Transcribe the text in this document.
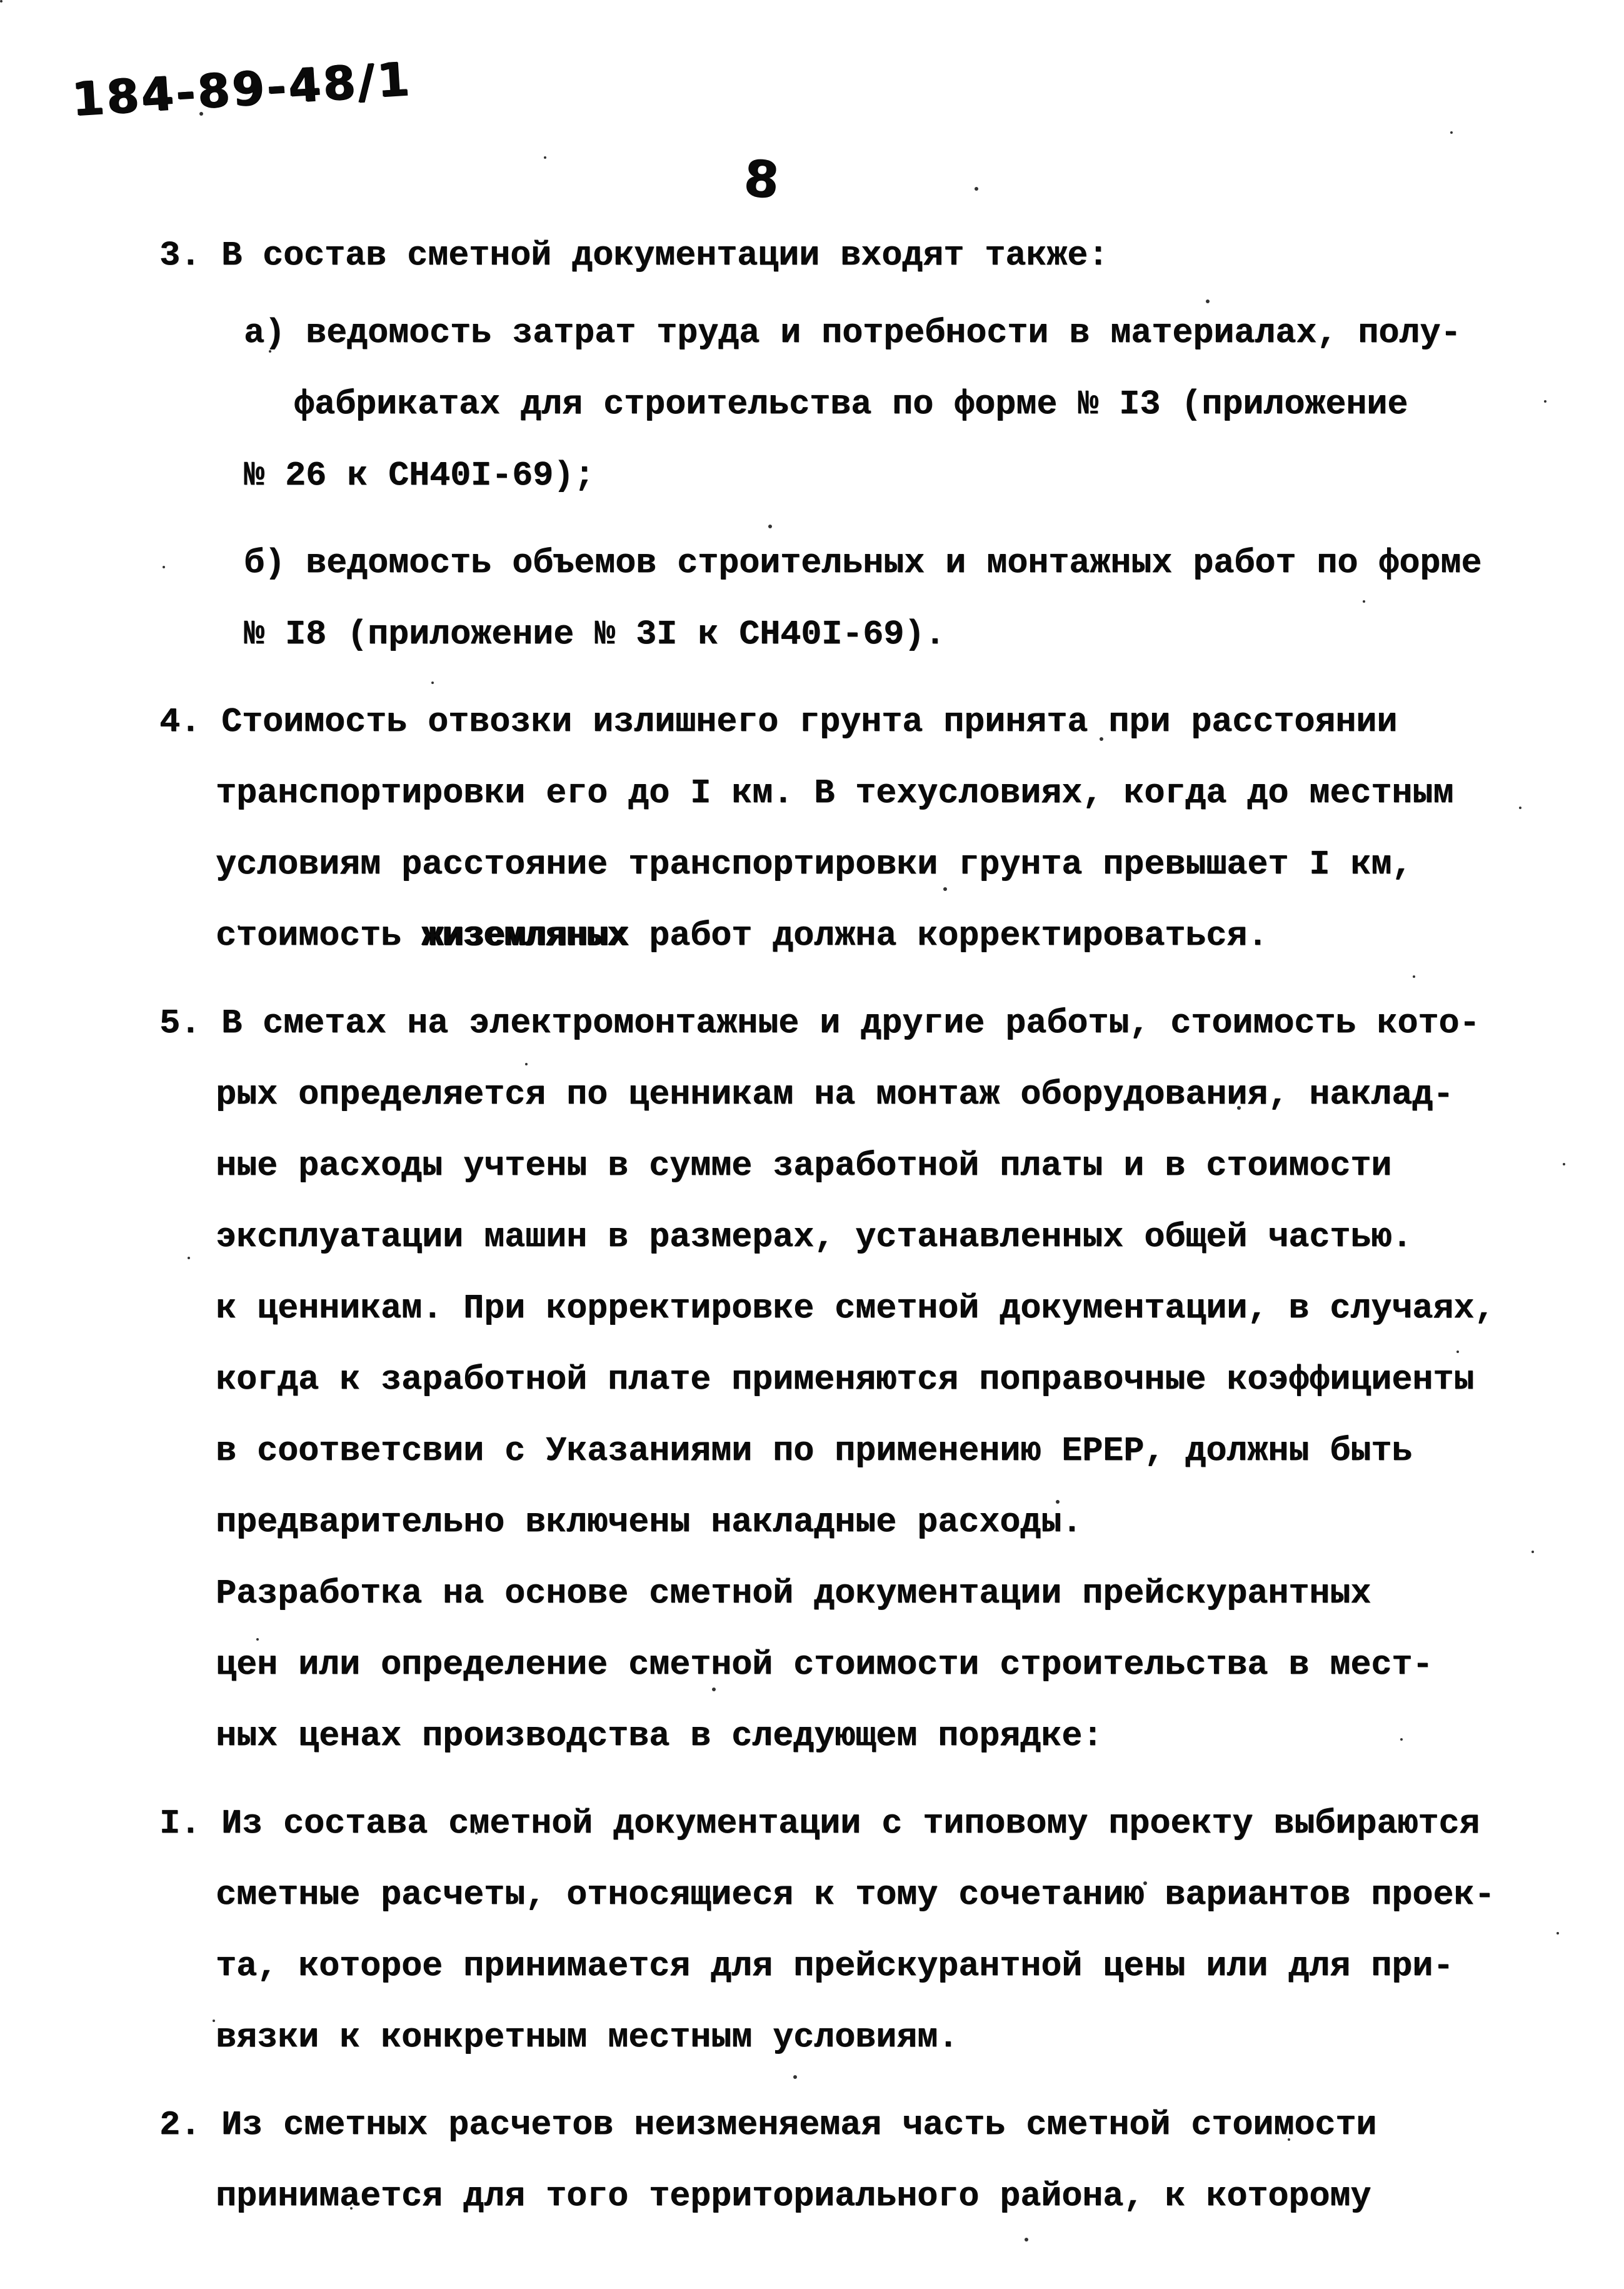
184-89-48/1
8
3. В состав сметной документации входят также:
а) ведомость затрат труда и потребности в материалах, полу-
фабрикатах для строительства по форме № I3 (приложение
№ 26 к СН40I-69);
б) ведомость объемов строительных и монтажных работ по форме
№ I8 (приложение № 3I к СН40I-69).
4. Стоимость отвозки излишнего грунта принята при расстоянии
транспортировки его до I км. В техусловиях, когда до местным
условиям расстояние транспортировки грунта превышает I км,
стоимость жиземляных работ должна корректироваться.
5. В сметах на электромонтажные и другие работы, стоимость кото-
рых определяется по ценникам на монтаж оборудования, наклад-
ные расходы учтены в сумме заработной платы и в стоимости
эксплуатации машин в размерах, устанавленных общей частью.
к ценникам. При корректировке сметной документации, в случаях,
когда к заработной плате применяются поправочные коэффициенты
в соответсвии с Указаниями по применению ЕРЕР, должны быть
предварительно включены накладные расходы.
Разработка на основе сметной документации прейскурантных
цен или определение сметной стоимости строительства в мест-
ных ценах производства в следующем порядке:
I. Из состава сметной документации с типовому проекту выбираются
сметные расчеты, относящиеся к тому сочетанию вариантов проек-
та, которое принимается для прейскурантной цены или для при-
вязки к конкретным местным условиям.
2. Из сметных расчетов неизменяемая часть сметной стоимости
принимается для того территориального района, к которому
